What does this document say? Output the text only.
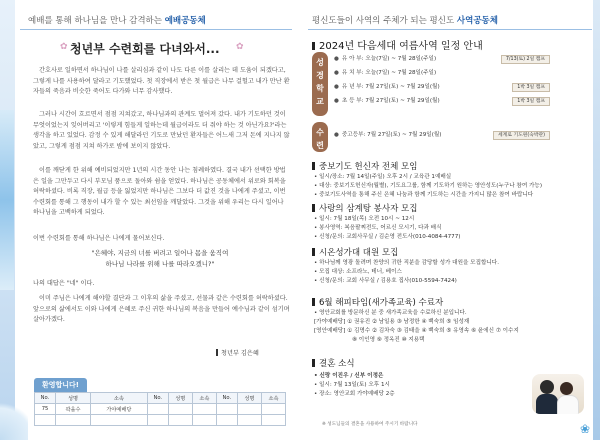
예배를 통해 하나님을 만나 감격하는 예배공동체
✿ 청년부 수련회를 다녀와서... ✿

간호사로 일하면서 하나님이 나를 살리심과 같이 나도 다른 이를 살리는 데 도움이 되겠다고, 그렇게 나를 사용하여 달라고 기도했었다. 첫 직장에서 받은 첫 월급은 나무 걸헐고 내가 만난 환자들의 죽음과 비슷한 죽어도 다가와 너무 감사했다.

그러나 시간이 흐르면서 점점 지쳐갔고, 하나님과의 관계도 멀어져 갔다. 내가 기도하던 것이 무엇이었는지 잊어버리고 '이렇게 힘들게 일하는데 월급이라도 더 줘야 하는 것 아닌가요?'라는 생각을 하고 있었다. 감정 수 있게 해달라던 기도로 만났던 환자들은 어느새 그저 돈에 지나지 않았고, 그렇게 점점 지쳐 하가로 밤에 보이지 않았다.

이를 깨닫게 한 위해 예비되었지만 1년의 시간 동안 나는 침례하였다. 결국 내가 선택한 방법은 일을 그만두고 다시 부모님 품으로 돌아와 쉼을 얻었다. 하나님은 공동체에서 위로와 회복을 허락하셨다. 비록 직장, 월급 등을 잃었지만 하나님은 그보다 더 값진 것을 나에게 주셨고, 이번 수련회를 통해 그 행동이 내가 할 수 있는 최선임을 깨달았다. 그것을 위해 우리는 다시 일어나 하나님을 고백하게 되었다.

이번 수련회를 통해 하나님은 나에게 물어보신다.
"은혜야, 지금의 너를 버려고 일어나 몸을 움직여
하나님 나라를 위해 나를 따라오겠니?"
나의 대답은 "네" 이다.

이미 주님은 나에게 해야할 결단과 그 이후의 삶을 주셨고, 선물과 같은 수련회를 허락하셨다. 앞으로의 삶에서도 이와 나에게 은혜로 주신 귀한 하나님의 복음을 만들어 예수님과 같이 섬기며 살아가겠다.

청년부 김은혜
환영합니다!
No.	성명	소속	No.	성명	소속	No.	성명	소속
75	곽을수	가야예배당						

평신도들이 사역의 주체가 되는 평신도 사역공동체
2024년 다음세대 여름사역 일정 안내
성 경 학 교
수 련 회
● 유 아 부: 오늘(7일) ~ 7월 28일(주일)	7/13(토) 2일 캠프
● 유 치 부: 오늘(7일) ~ 7월 28일(주일)
● 유 년 부: 7월 27일(토) ~ 7월 29일(월)	1박 3일 캠프
● 초 등 부: 7월 27일(토) ~ 7월 29일(월)	1박 3일 캠프
● 중고등부: 7월 27일(토) ~ 7월 29일(월)	세계로 기도원(숙박관)
중보기도 헌신자 전체 모임
• 일시/장소: 7월 14일(주일) 오후 2시 / 교육관 1예배실
• 대상: 중보기도헌신자(월별), 기도요그룹, 함께 기도하기 원하는 영안성도(누구나 참여 가능)
• 중보기도사역을 통해 주신 은혜 나눔과 함께 기도하는 시간을 가지니 많은 참여 바랍니다
사랑의 삼계탕 봉사자 모집
• 일시: 7월 18일(목) 오전 10시 ~ 12시
• 봉사영역: 복음팔찌전도, 어르신 모시기, 다과 배식
• 신청/문의: 교회사무실 / 김순영 전도사(010-4084-4777)
시온성가대 대원 모집
• 하나님께 영광 돌려며 찬양의 귀한 직분을 감당할 성가 대원을 모집합니다.
• 모집 대상: 소프라노, 테너, 베이스
• 신청/문의: 교회 사무실 / 김용호 집사(010-5594-7424)
6월 해피타임(새가족교육) 수료자
• 영안교회를 방문하신 분 중 새가족교육을 수료하신 분입니다.
[가야예배당] ① 권유진 ② 남일용 ③ 남정한 ④ 백숙희 ⑤ 임성재
[영안예배당] ① 김명수 ② 김차숙 ③ 김태을 ④ 백숙희 ⑤ 유영속 ⑥ 윤에신 ⑦ 이수지
⑧ 이인영 ⑨ 정옥진 ⑩ 지용택
결혼 소식
• 신랑 이진우 / 신부 이정은
• 일시: 7월 13일(토) 오후 1시
• 장소: 영안교회 가야예배당 2층
※ 성도님들의 결혼을 사용하여 주시기 바랍니다	❀
